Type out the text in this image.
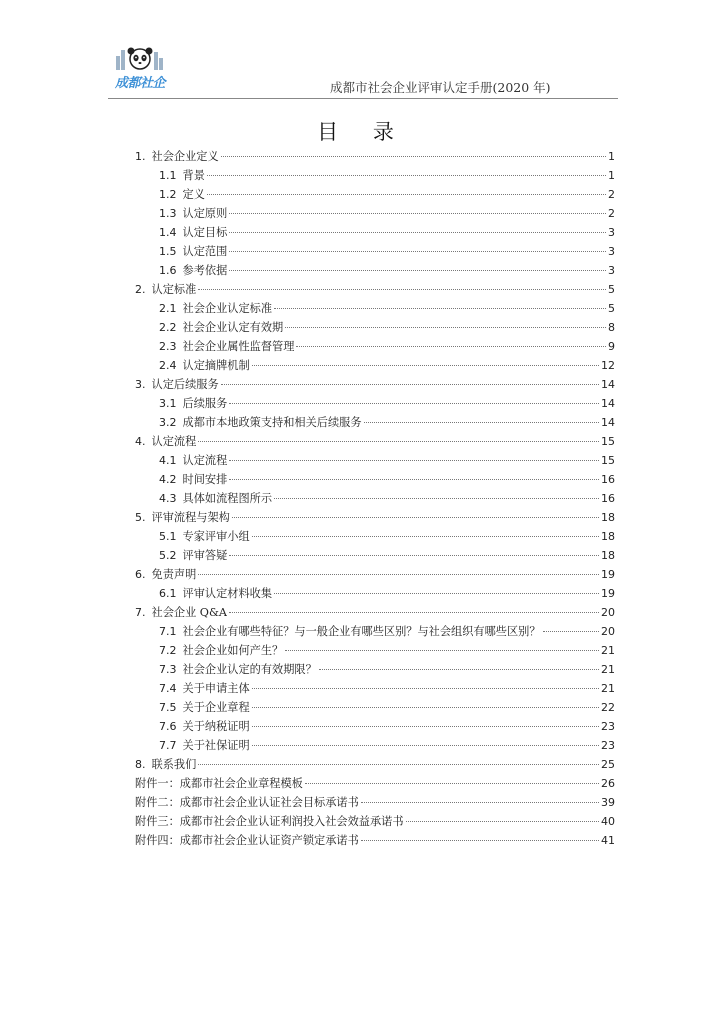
成都社企	成都市社会企业评审认定手册(2020 年)
目 录
1. 社会企业定义	1
1.1 背景	1
1.2 定义	2
1.3 认定原则	2
1.4 认定目标	3
1.5 认定范围	3
1.6 参考依据	3
2. 认定标准	5
2.1 社会企业认定标准	5
2.2 社会企业认定有效期	8
2.3 社会企业属性监督管理	9
2.4 认定摘牌机制	12
3. 认定后续服务	14
3.1 后续服务	14
3.2 成都市本地政策支持和相关后续服务	14
4. 认定流程	15
4.1 认定流程	15
4.2 时间安排	16
4.3 具体如流程图所示	16
5. 评审流程与架构	18
5.1 专家评审小组	18
5.2 评审答疑	18
6. 免责声明	19
6.1 评审认定材料收集	19
7. 社会企业 Q&A	20
7.1 社会企业有哪些特征？与一般企业有哪些区别？与社会组织有哪些区别？	20
7.2 社会企业如何产生？	21
7.3 社会企业认定的有效期限？	21
7.4 关于申请主体	21
7.5 关于企业章程	22
7.6 关于纳税证明	23
7.7 关于社保证明	23
8. 联系我们	25
附件一：成都市社会企业章程模板	26
附件二：成都市社会企业认证社会目标承诺书	39
附件三：成都市社会企业认证利润投入社会效益承诺书	40
附件四：成都市社会企业认证资产锁定承诺书	41
